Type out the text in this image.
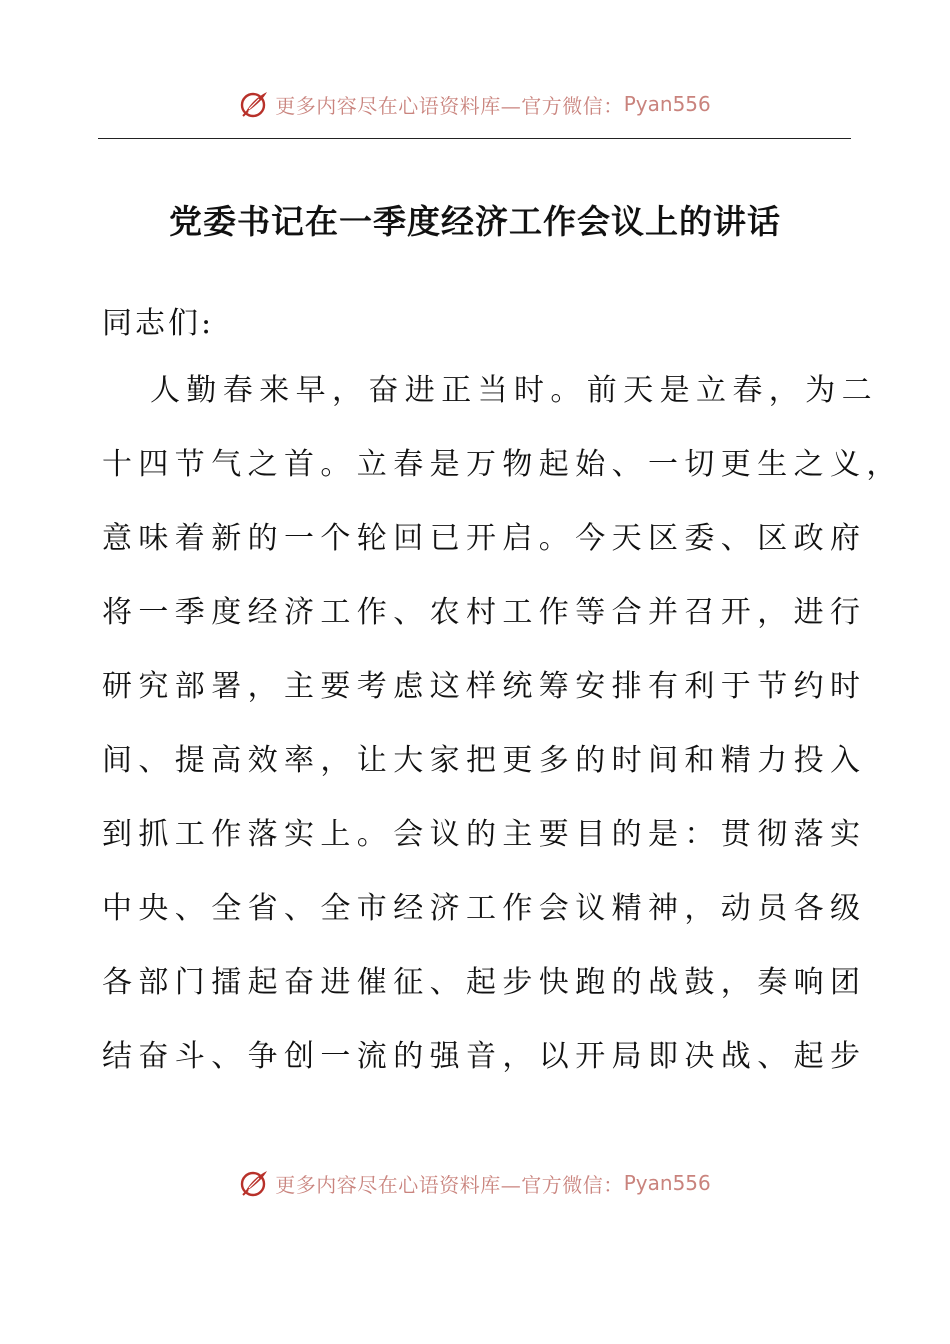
更多内容尽在心语资料库—官方微信： Pyan556
党委书记在一季度经济工作会议上的讲话
同志们:
人勤春来早，奋进正当时。前天是立春，为二
十四节气之首。立春是万物起始、一切更生之义，
意味着新的一个轮回已开启。今天区委、区政府
将一季度经济工作、农村工作等合并召开，进行
研究部署，主要考虑这样统筹安排有利于节约时
间、提高效率，让大家把更多的时间和精力投入
到抓工作落实上。会议的主要目的是：贯彻落实
中央、全省、全市经济工作会议精神，动员各级
各部门擂起奋进催征、起步快跑的战鼓，奏响团
结奋斗、争创一流的强音，以开局即决战、起步
更多内容尽在心语资料库—官方微信： Pyan556
